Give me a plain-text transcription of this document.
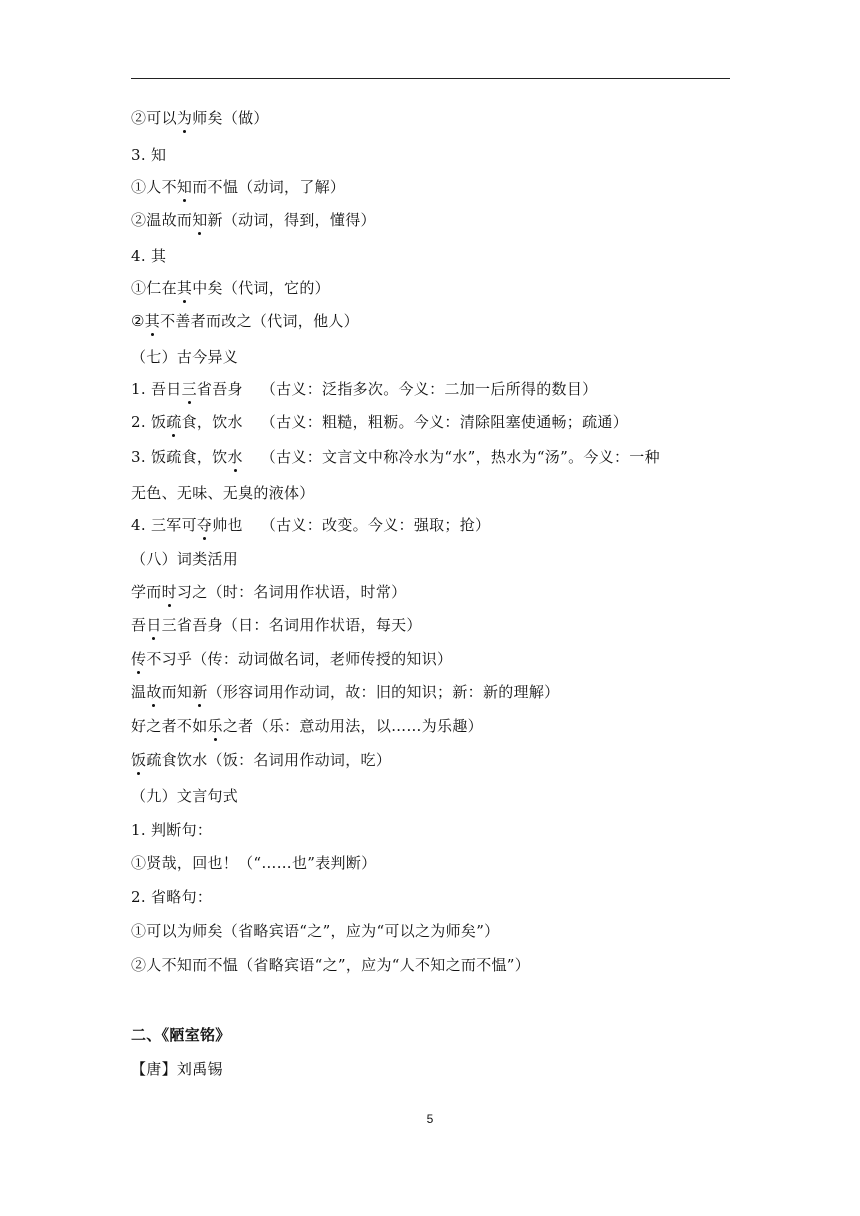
②可以为师矣（做）
3. 知
①人不知而不愠（动词，了解）
②温故而知新（动词，得到，懂得）
4. 其
①仁在其中矣（代词，它的）
②其不善者而改之（代词，他人）
（七）古今异义
1. 吾日三省吾身 （古义：泛指多次。今义：二加一后所得的数目）
2. 饭疏食，饮水 （古义：粗糙，粗粝。今义：清除阻塞使通畅；疏通）
3. 饭疏食，饮水 （古义：文言文中称冷水为“水”，热水为“汤”。今义：一种
无色、无味、无臭的液体）
4. 三军可夺帅也 （古义：改变。今义：强取；抢）
（八）词类活用
学而时习之（时：名词用作状语，时常）
吾日三省吾身（日：名词用作状语，每天）
传不习乎（传：动词做名词，老师传授的知识）
温故而知新（形容词用作动词，故：旧的知识；新：新的理解）
好之者不如乐之者（乐：意动用法，以……为乐趣）
饭疏食饮水（饭：名词用作动词，吃）
（九）文言句式
1. 判断句：
①贤哉，回也！（“……也”表判断）
2. 省略句：
①可以为师矣（省略宾语“之”，应为“可以之为师矣”）
②人不知而不愠（省略宾语“之”，应为“人不知之而不愠”）
二、《陋室铭》
【唐】刘禹锡
5
